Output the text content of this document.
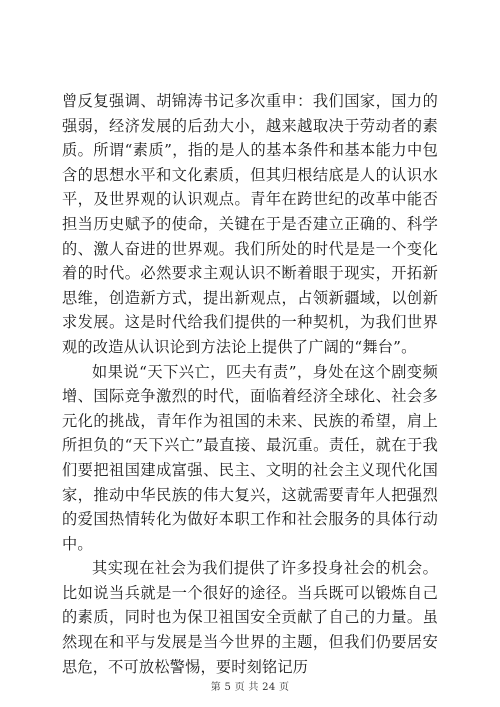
曾反复强调、胡锦涛书记多次重申：我们国家，国力的强弱，经济发展的后劲大小，越来越取决于劳动者的素质。所谓“素质”，指的是人的基本条件和基本能力中包含的思想水平和文化素质，但其归根结底是人的认识水平，及世界观的认识观点。青年在跨世纪的改革中能否担当历史赋予的使命，关键在于是否建立正确的、科学的、激人奋进的世界观。我们所处的时代是是一个变化着的时代。必然要求主观认识不断着眼于现实，开拓新思维，创造新方式，提出新观点，占领新疆域，以创新求发展。这是时代给我们提供的一种契机，为我们世界观的改造从认识论到方法论上提供了广阔的“舞台”。

如果说“天下兴亡，匹夫有责”，身处在这个剧变频增、国际竞争激烈的时代，面临着经济全球化、社会多元化的挑战，青年作为祖国的未来、民族的希望，肩上所担负的“天下兴亡”最直接、最沉重。责任，就在于我们要把祖国建成富强、民主、文明的社会主义现代化国家，推动中华民族的伟大复兴，这就需要青年人把强烈的爱国热情转化为做好本职工作和社会服务的具体行动中。

其实现在社会为我们提供了许多投身社会的机会。比如说当兵就是一个很好的途径。当兵既可以锻炼自己的素质，同时也为保卫祖国安全贡献了自己的力量。虽然现在和平与发展是当今世界的主题，但我们仍要居安思危，不可放松警惕，要时刻铭记历

第 5 页 共 24 页
